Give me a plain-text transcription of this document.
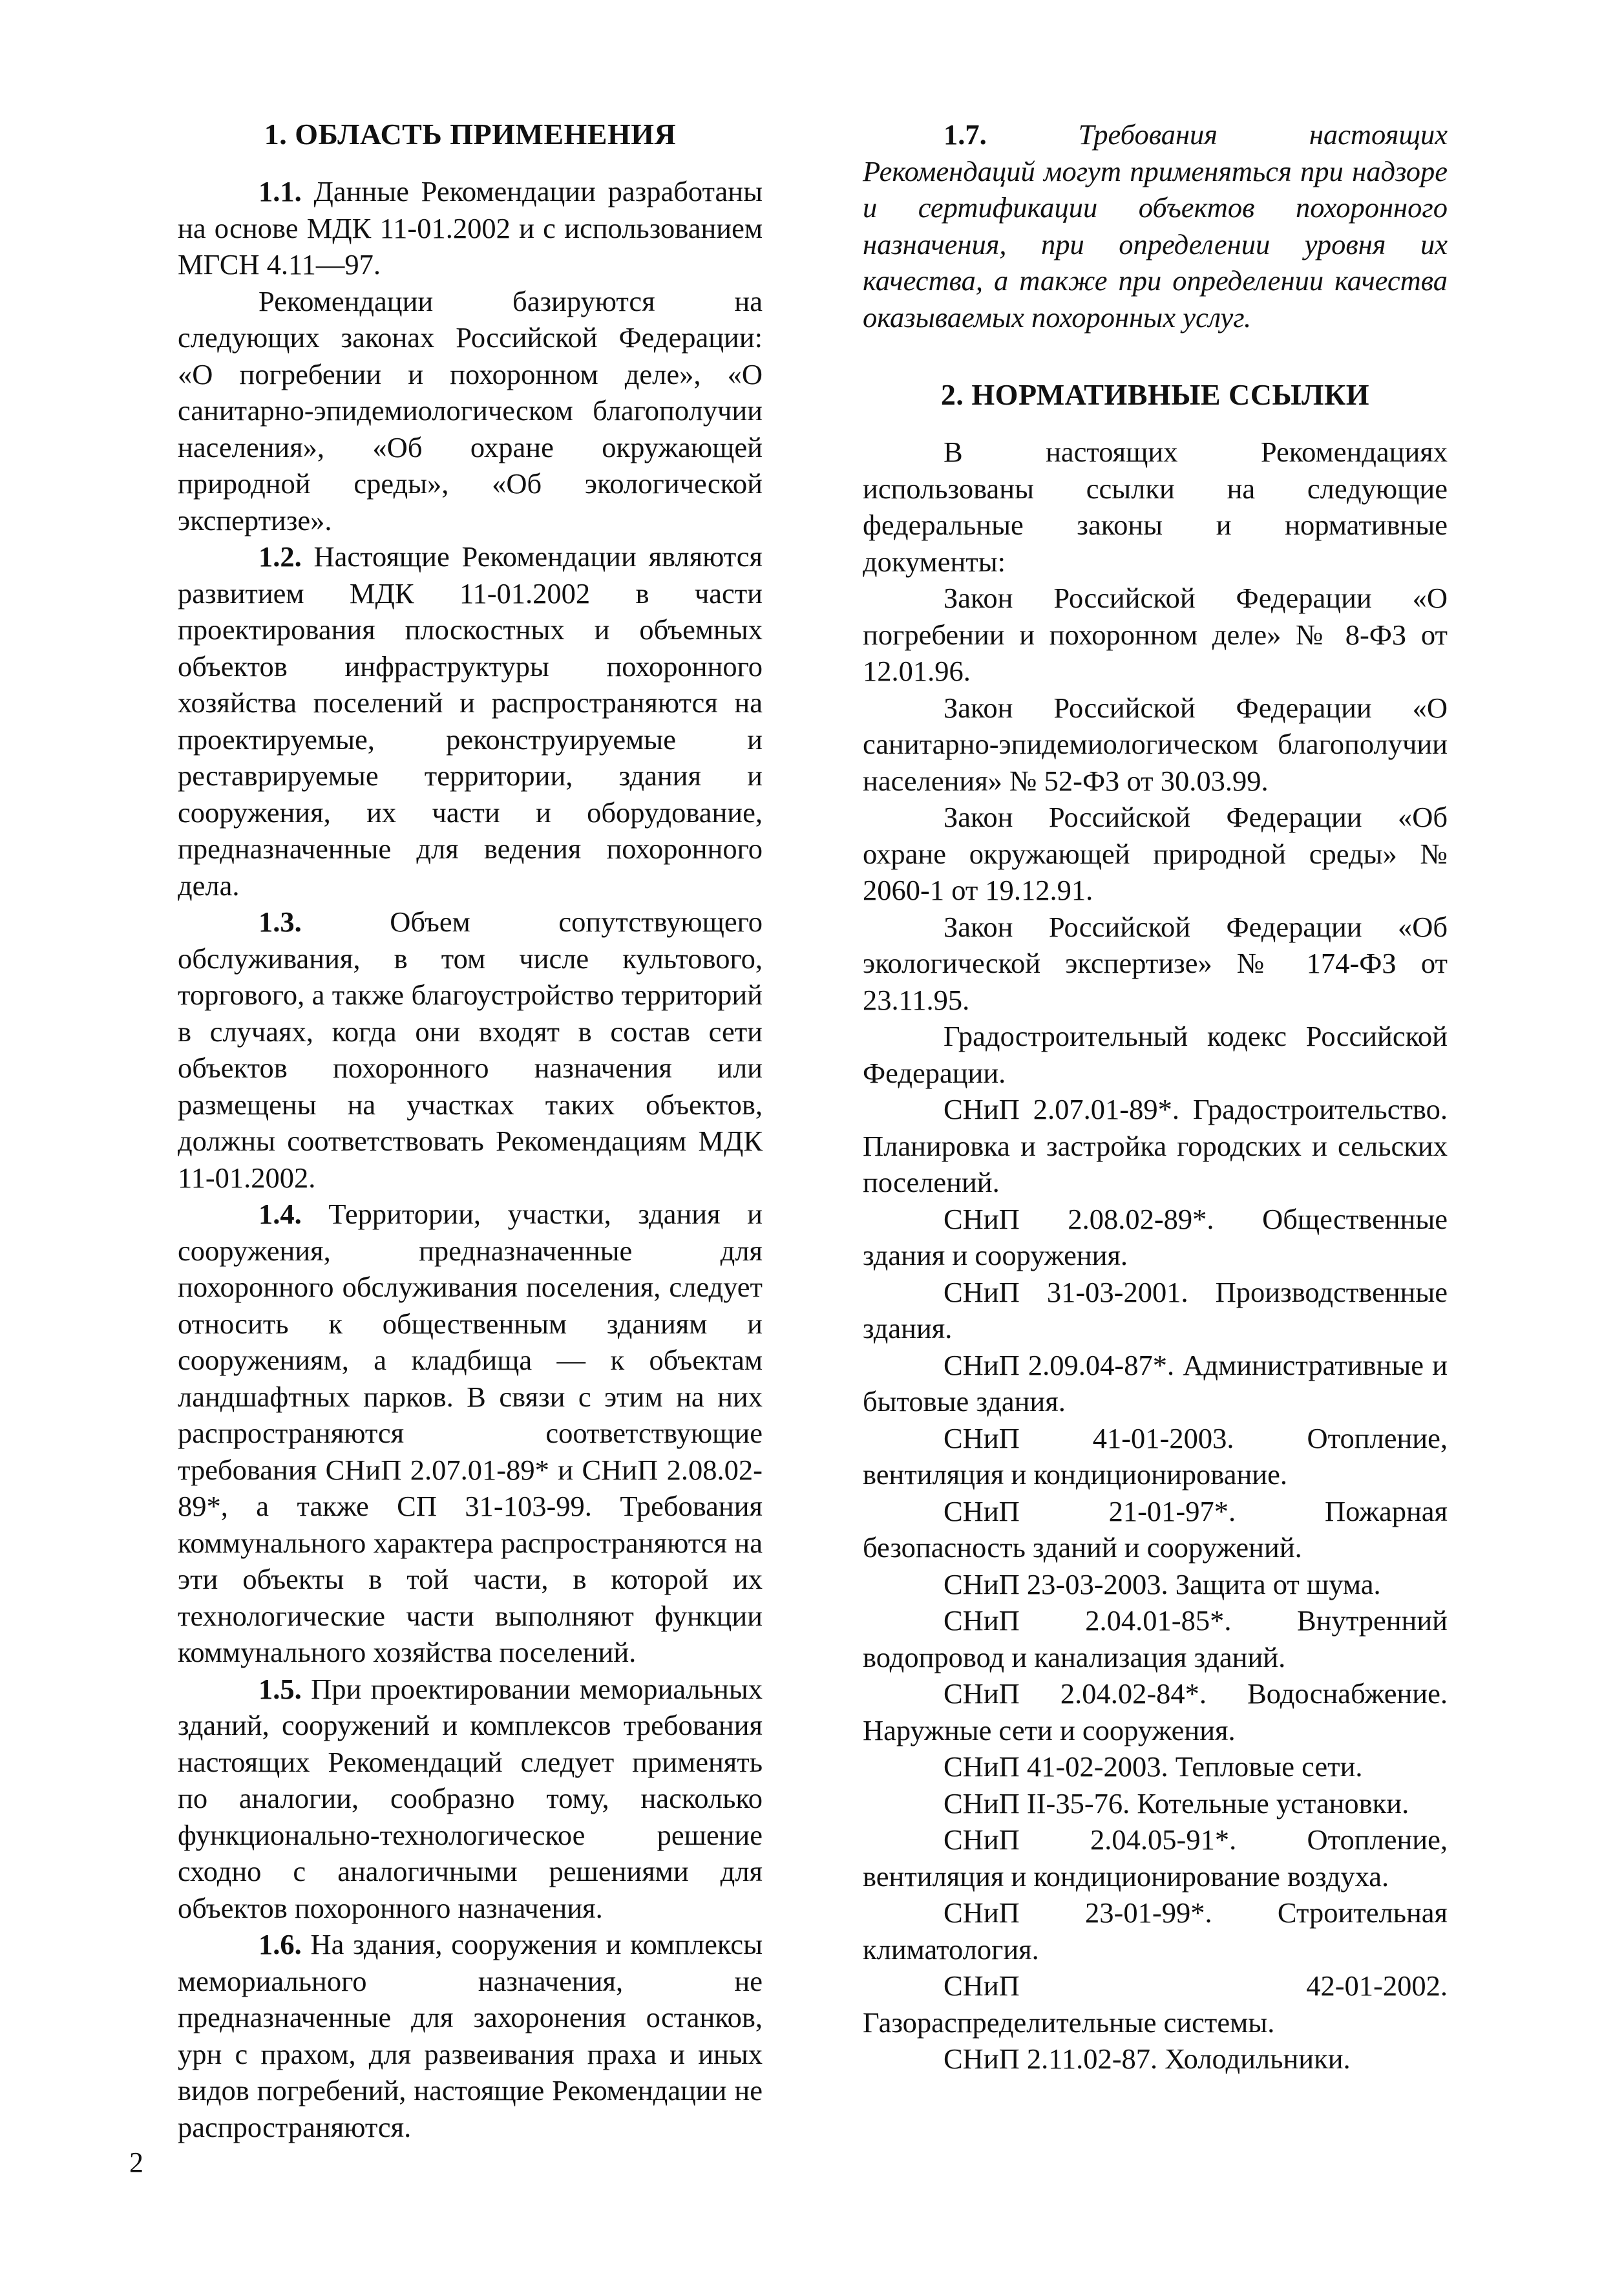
1. ОБЛАСТЬ ПРИМЕНЕНИЯ

1.1. Данные Рекомендации разработаны на основе МДК 11-01.2002 и с использованием МГСН 4.11—97.

Рекомендации базируются на следующих законах Российской Федерации: «О погребении и похоронном деле», «О санитарно-эпидемиологическом благополучии населения», «Об охране окружающей природной среды», «Об экологической экспертизе».

1.2. Настоящие Рекомендации являются развитием МДК 11-01.2002 в части проектирования плоскостных и объемных объектов инфраструктуры похоронного хозяйства поселений и распространяются на проектируемые, реконструируемые и реставрируемые территории, здания и сооружения, их части и оборудование, предназначенные для ведения похоронного дела.

1.3. Объем сопутствующего обслуживания, в том числе культового, торгового, а также благоустройство территорий в случаях, когда они входят в состав сети объектов похоронного назначения или размещены на участках таких объектов, должны соответствовать Рекомендациям МДК 11-01.2002.

1.4. Территории, участки, здания и сооружения, предназначенные для похоронного обслуживания поселения, следует относить к общественным зданиям и сооружениям, а кладбища — к объектам ландшафтных парков. В связи с этим на них распространяются соответствующие требования СНиП 2.07.01-89* и СНиП 2.08.02-89*, а также СП 31-103-99. Требования коммунального характера распространяются на эти объекты в той части, в которой их технологические части выполняют функции коммунального хозяйства поселений.

1.5. При проектировании мемориальных зданий, сооружений и комплексов требования настоящих Рекомендаций следует применять по аналогии, сообразно тому, насколько функционально-технологическое решение сходно с аналогичными решениями для объектов похоронного назначения.

1.6. На здания, сооружения и комплексы мемориального назначения, не предназначенные для захоронения останков, урн с прахом, для развеивания праха и иных видов погребений, настоящие Рекомендации не распространяются.

1.7. Требования настоящих Рекомендаций могут применяться при надзоре и сертификации объектов похоронного назначения, при определении уровня их качества, а также при определении качества оказываемых похоронных услуг.

2. НОРМАТИВНЫЕ ССЫЛКИ

В настоящих Рекомендациях использованы ссылки на следующие федеральные законы и нормативные документы:

Закон Российской Федерации «О погребении и похоронном деле» № 8-ФЗ от 12.01.96.

Закон Российской Федерации «О санитарно-эпидемиологическом благополучии населения» № 52-ФЗ от 30.03.99.

Закон Российской Федерации «Об охране окружающей природной среды» № 2060-1 от 19.12.91.

Закон Российской Федерации «Об экологической экспертизе» № 174-ФЗ от 23.11.95.

Градостроительный кодекс Российской Федерации.

СНиП 2.07.01-89*. Градостроительство. Планировка и застройка городских и сельских поселений.

СНиП 2.08.02-89*. Общественные здания и сооружения.

СНиП 31-03-2001. Производственные здания.

СНиП 2.09.04-87*. Административные и бытовые здания.

СНиП 41-01-2003. Отопление, вентиляция и кондиционирование.

СНиП 21-01-97*. Пожарная безопасность зданий и сооружений.

СНиП 23-03-2003. Защита от шума.

СНиП 2.04.01-85*. Внутренний водопровод и канализация зданий.

СНиП 2.04.02-84*. Водоснабжение. Наружные сети и сооружения.

СНиП 41-02-2003. Тепловые сети.

СНиП II-35-76. Котельные установки.

СНиП 2.04.05-91*. Отопление, вентиляция и кондиционирование воздуха.

СНиП 23-01-99*. Строительная климатология.

СНиП 42-01-2002. Газораспределительные системы.

СНиП 2.11.02-87. Холодильники.

2
